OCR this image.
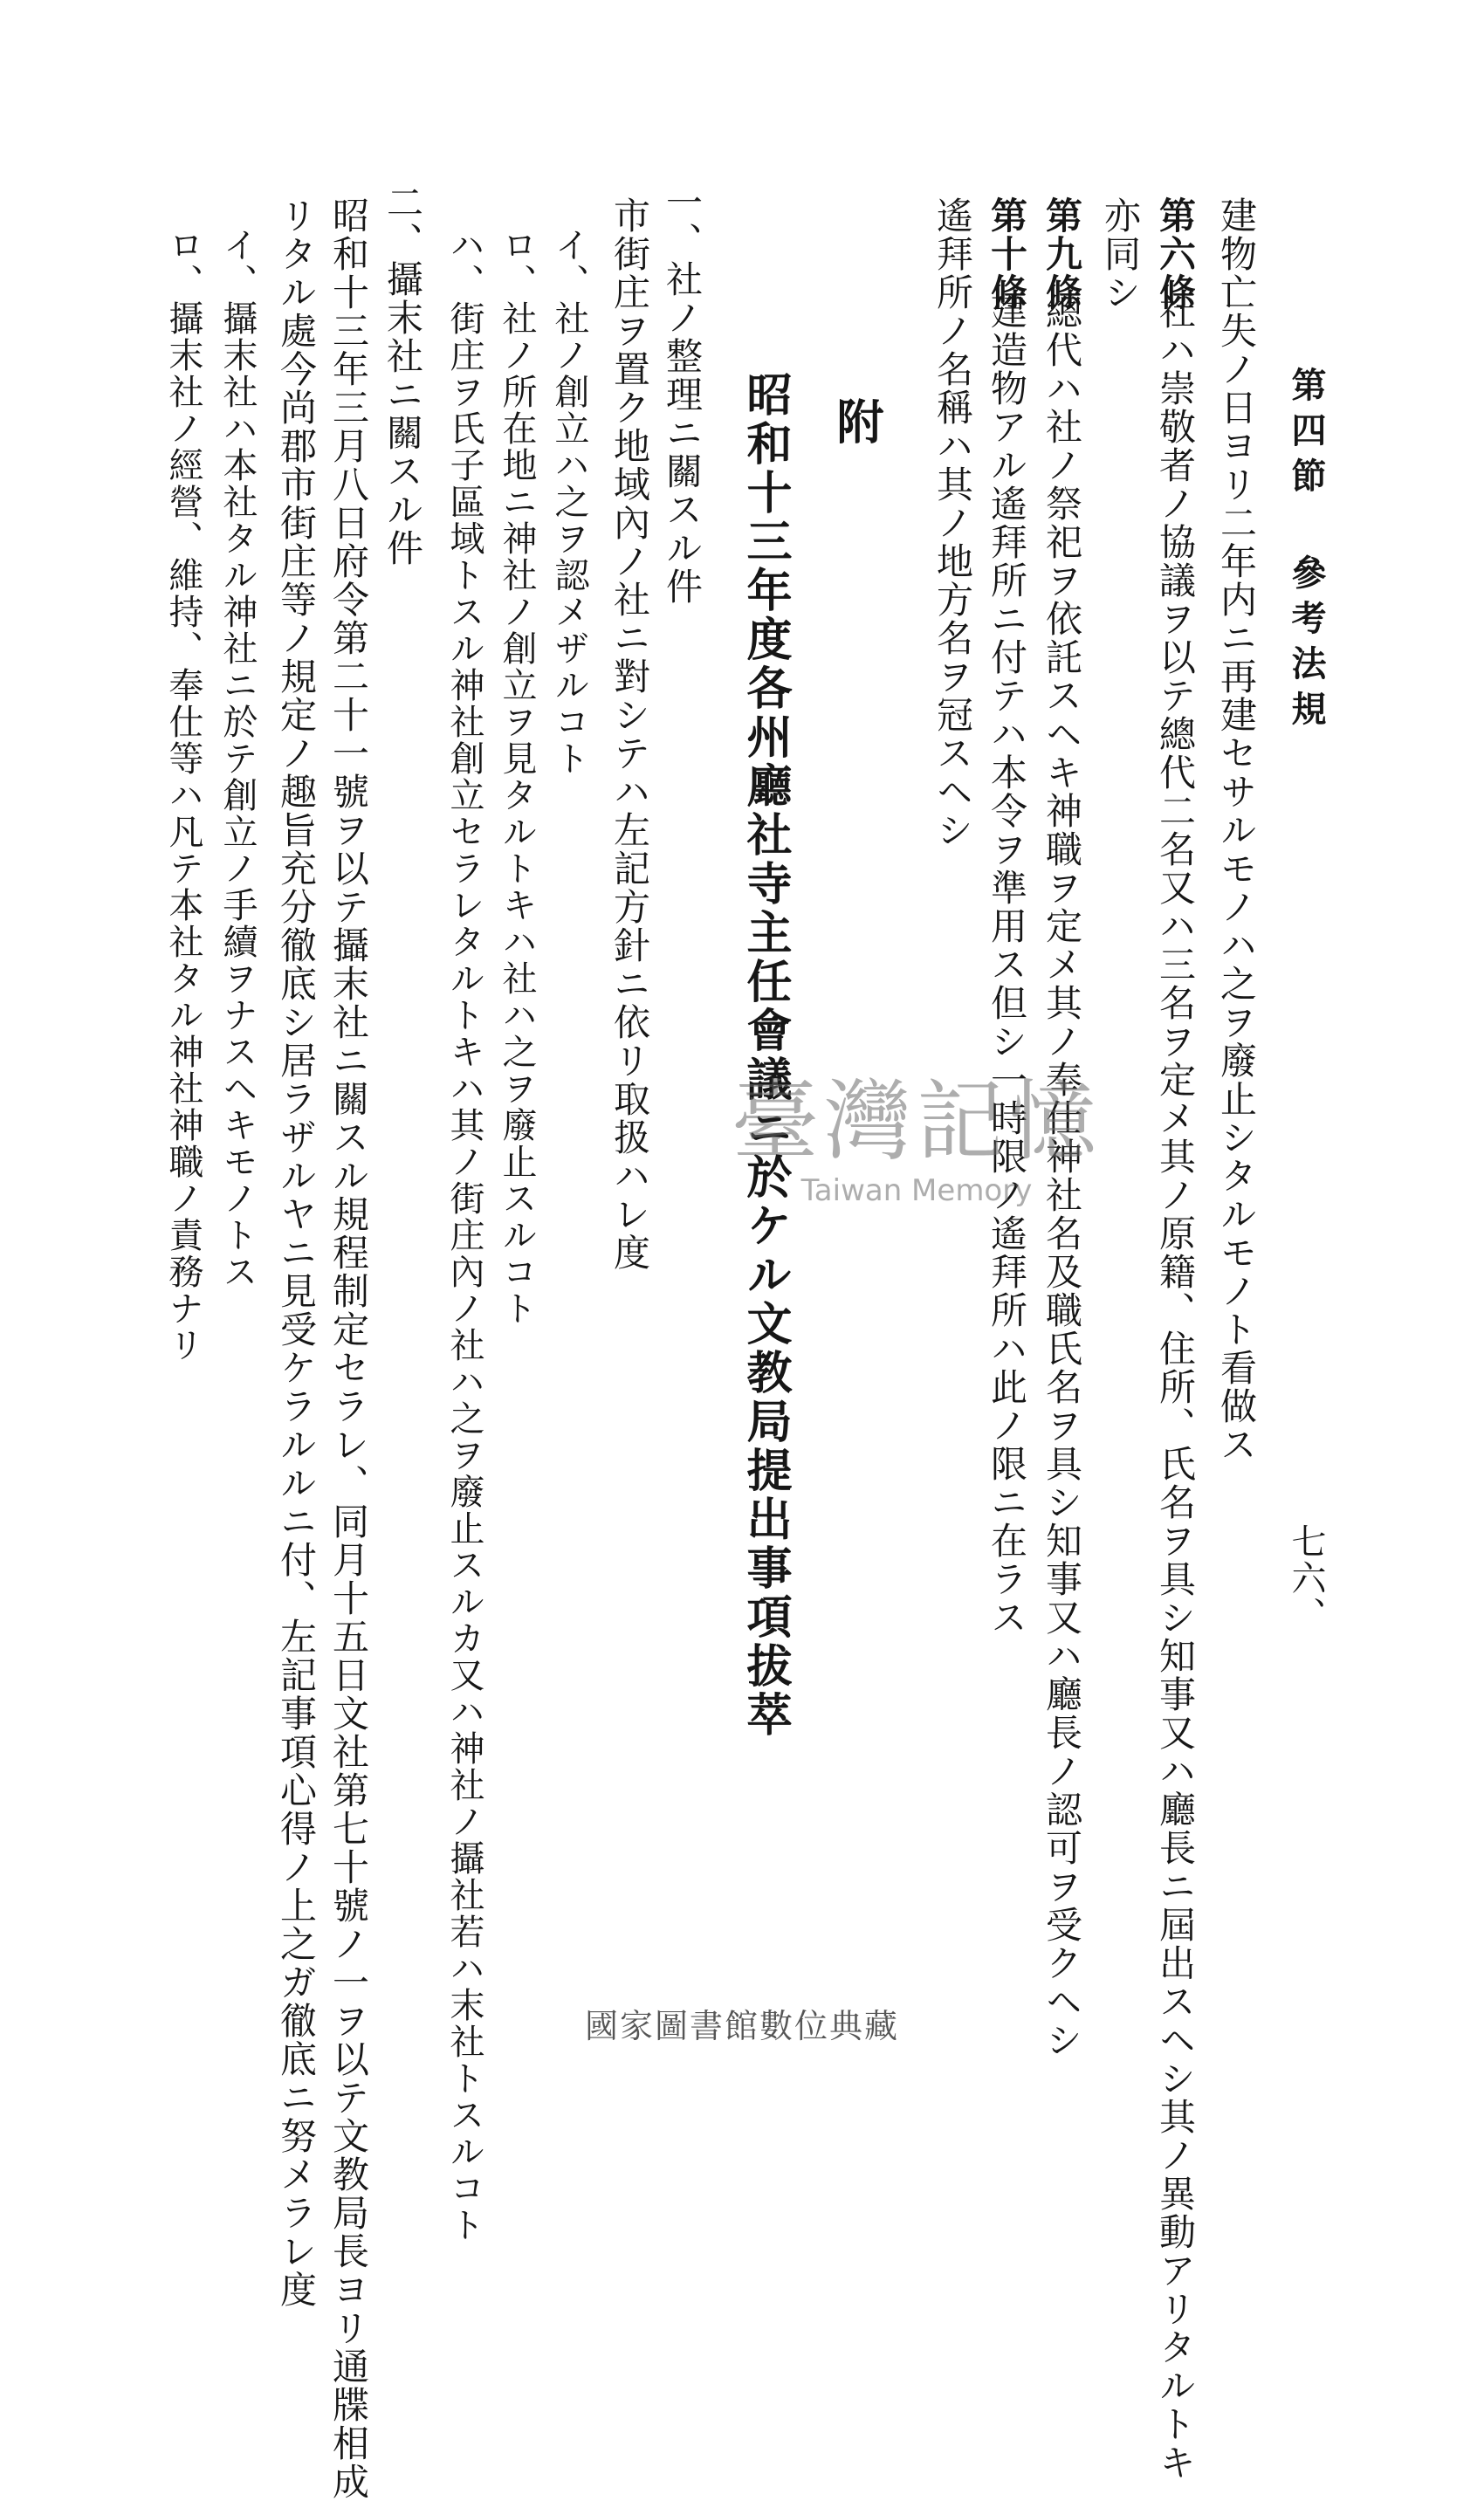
第四節 參考法規
七六、
建物亡失ノ日ヨリ二年内ニ再建セサルモノハ之ヲ廢止シタルモノト看做ス
第六條
社ハ崇敬者ノ協議ヲ以テ總代二名又ハ三名ヲ定メ其ノ原籍、住所、氏名ヲ具シ知事又ハ廳長ニ屆出スヘシ其ノ異動アリタルトキ
亦同シ
第九條
總代ハ社ノ祭祀ヲ依託スヘキ神職ヲ定メ其ノ奉仕神社名及職氏名ヲ具シ知事又ハ廳長ノ認可ヲ受クヘシ
第十條
建造物アル遙拜所ニ付テハ本令ヲ準用ス但シ一時限ノ遙拜所ハ此ノ限ニ在ラス
遙拜所ノ名稱ハ其ノ地方名ヲ冠スヘシ
附
昭和十三年度各州廳社寺主任會議ニ於ケル文教局提出事項拔萃
一、社ノ整理ニ關スル件
市街庄ヲ置ク地域內ノ社ニ對シテハ左記方針ニ依リ取扱ハレ度
イ、社ノ創立ハ之ヲ認メザルコト
ロ、社ノ所在地ニ神社ノ創立ヲ見タルトキハ社ハ之ヲ廢止スルコト
ハ、街庄ヲ氏子區域トスル神社創立セラレタルトキハ其ノ街庄內ノ社ハ之ヲ廢止スルカ又ハ神社ノ攝社若ハ末社トスルコト
二、攝末社ニ關スル件
昭和十三年三月八日府令第二十一號ヲ以テ攝末社ニ關スル規程制定セラレ、同月十五日文社第七十號ノ一ヲ以テ文教局長ヨリ通牒相成
リタル處今尚郡市街庄等ノ規定ノ趣旨充分徹底シ居ラザルヤニ見受ケラルルニ付、左記事項心得ノ上之ガ徹底ニ努メラレ度
イ、攝末社ハ本社タル神社ニ於テ創立ノ手續ヲナスヘキモノトス
ロ、攝末社ノ經營、維持、奉仕等ハ凡テ本社タル神社神職ノ責務ナリ	臺灣記憶
Taiwan Memory
國家圖書館數位典藏
